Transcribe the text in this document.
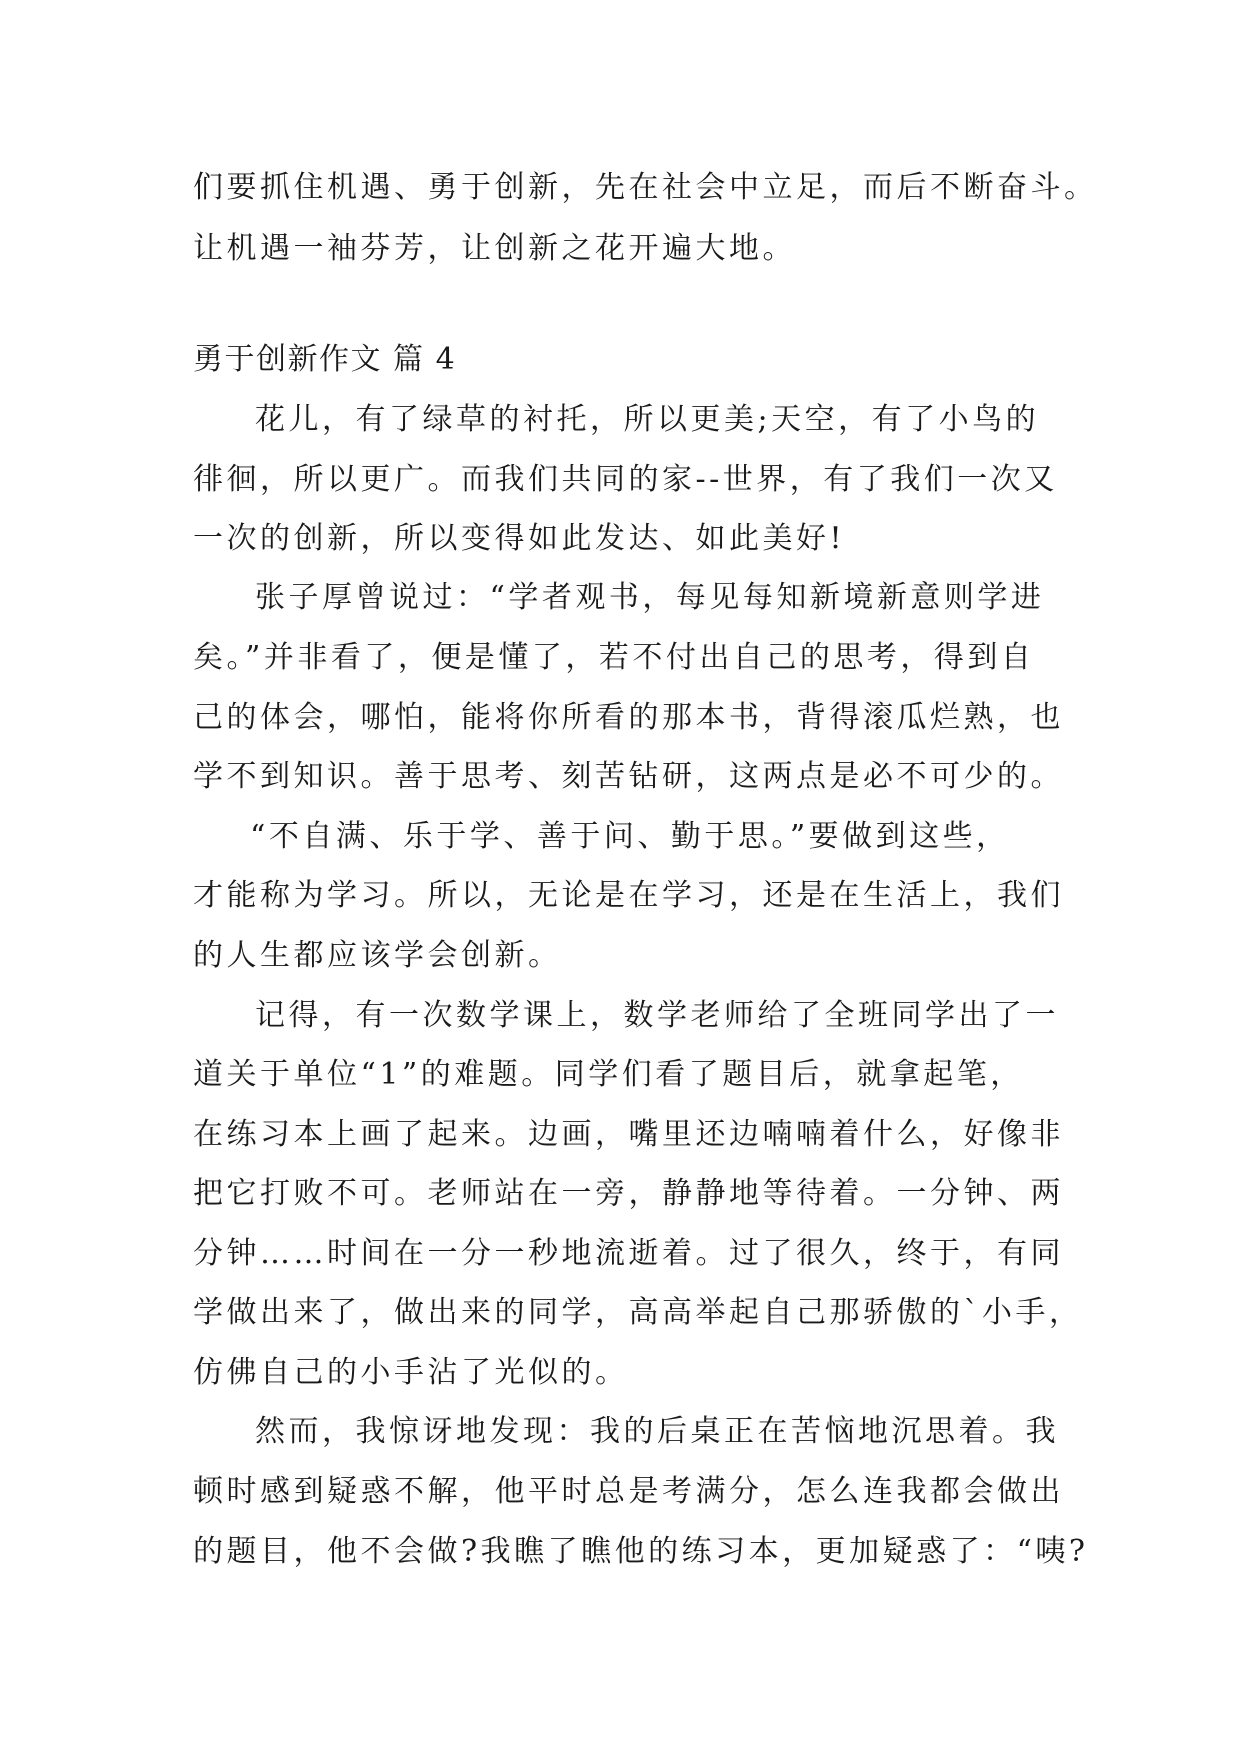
们要抓住机遇、勇于创新，先在社会中立足，而后不断奋斗。
让机遇一袖芬芳，让创新之花开遍大地。
勇于创新作文 篇 4
花儿，有了绿草的衬托，所以更美;天空，有了小鸟的
徘徊，所以更广。而我们共同的家--世界，有了我们一次又
一次的创新，所以变得如此发达、如此美好!
张子厚曾说过：“学者观书，每见每知新境新意则学进
矣。”并非看了，便是懂了，若不付出自己的思考，得到自
己的体会，哪怕，能将你所看的那本书，背得滚瓜烂熟，也
学不到知识。善于思考、刻苦钻研，这两点是必不可少的。
“不自满、乐于学、善于问、勤于思。”要做到这些，
才能称为学习。所以，无论是在学习，还是在生活上，我们
的人生都应该学会创新。
记得，有一次数学课上，数学老师给了全班同学出了一
道关于单位“1”的难题。同学们看了题目后，就拿起笔，
在练习本上画了起来。边画，嘴里还边喃喃着什么，好像非
把它打败不可。老师站在一旁，静静地等待着。一分钟、两
分钟……时间在一分一秒地流逝着。过了很久，终于，有同
学做出来了，做出来的同学，高高举起自己那骄傲的`小手，
仿佛自己的小手沾了光似的。
然而，我惊讶地发现：我的后桌正在苦恼地沉思着。我
顿时感到疑惑不解，他平时总是考满分，怎么连我都会做出
的题目，他不会做?我瞧了瞧他的练习本，更加疑惑了：“咦?
